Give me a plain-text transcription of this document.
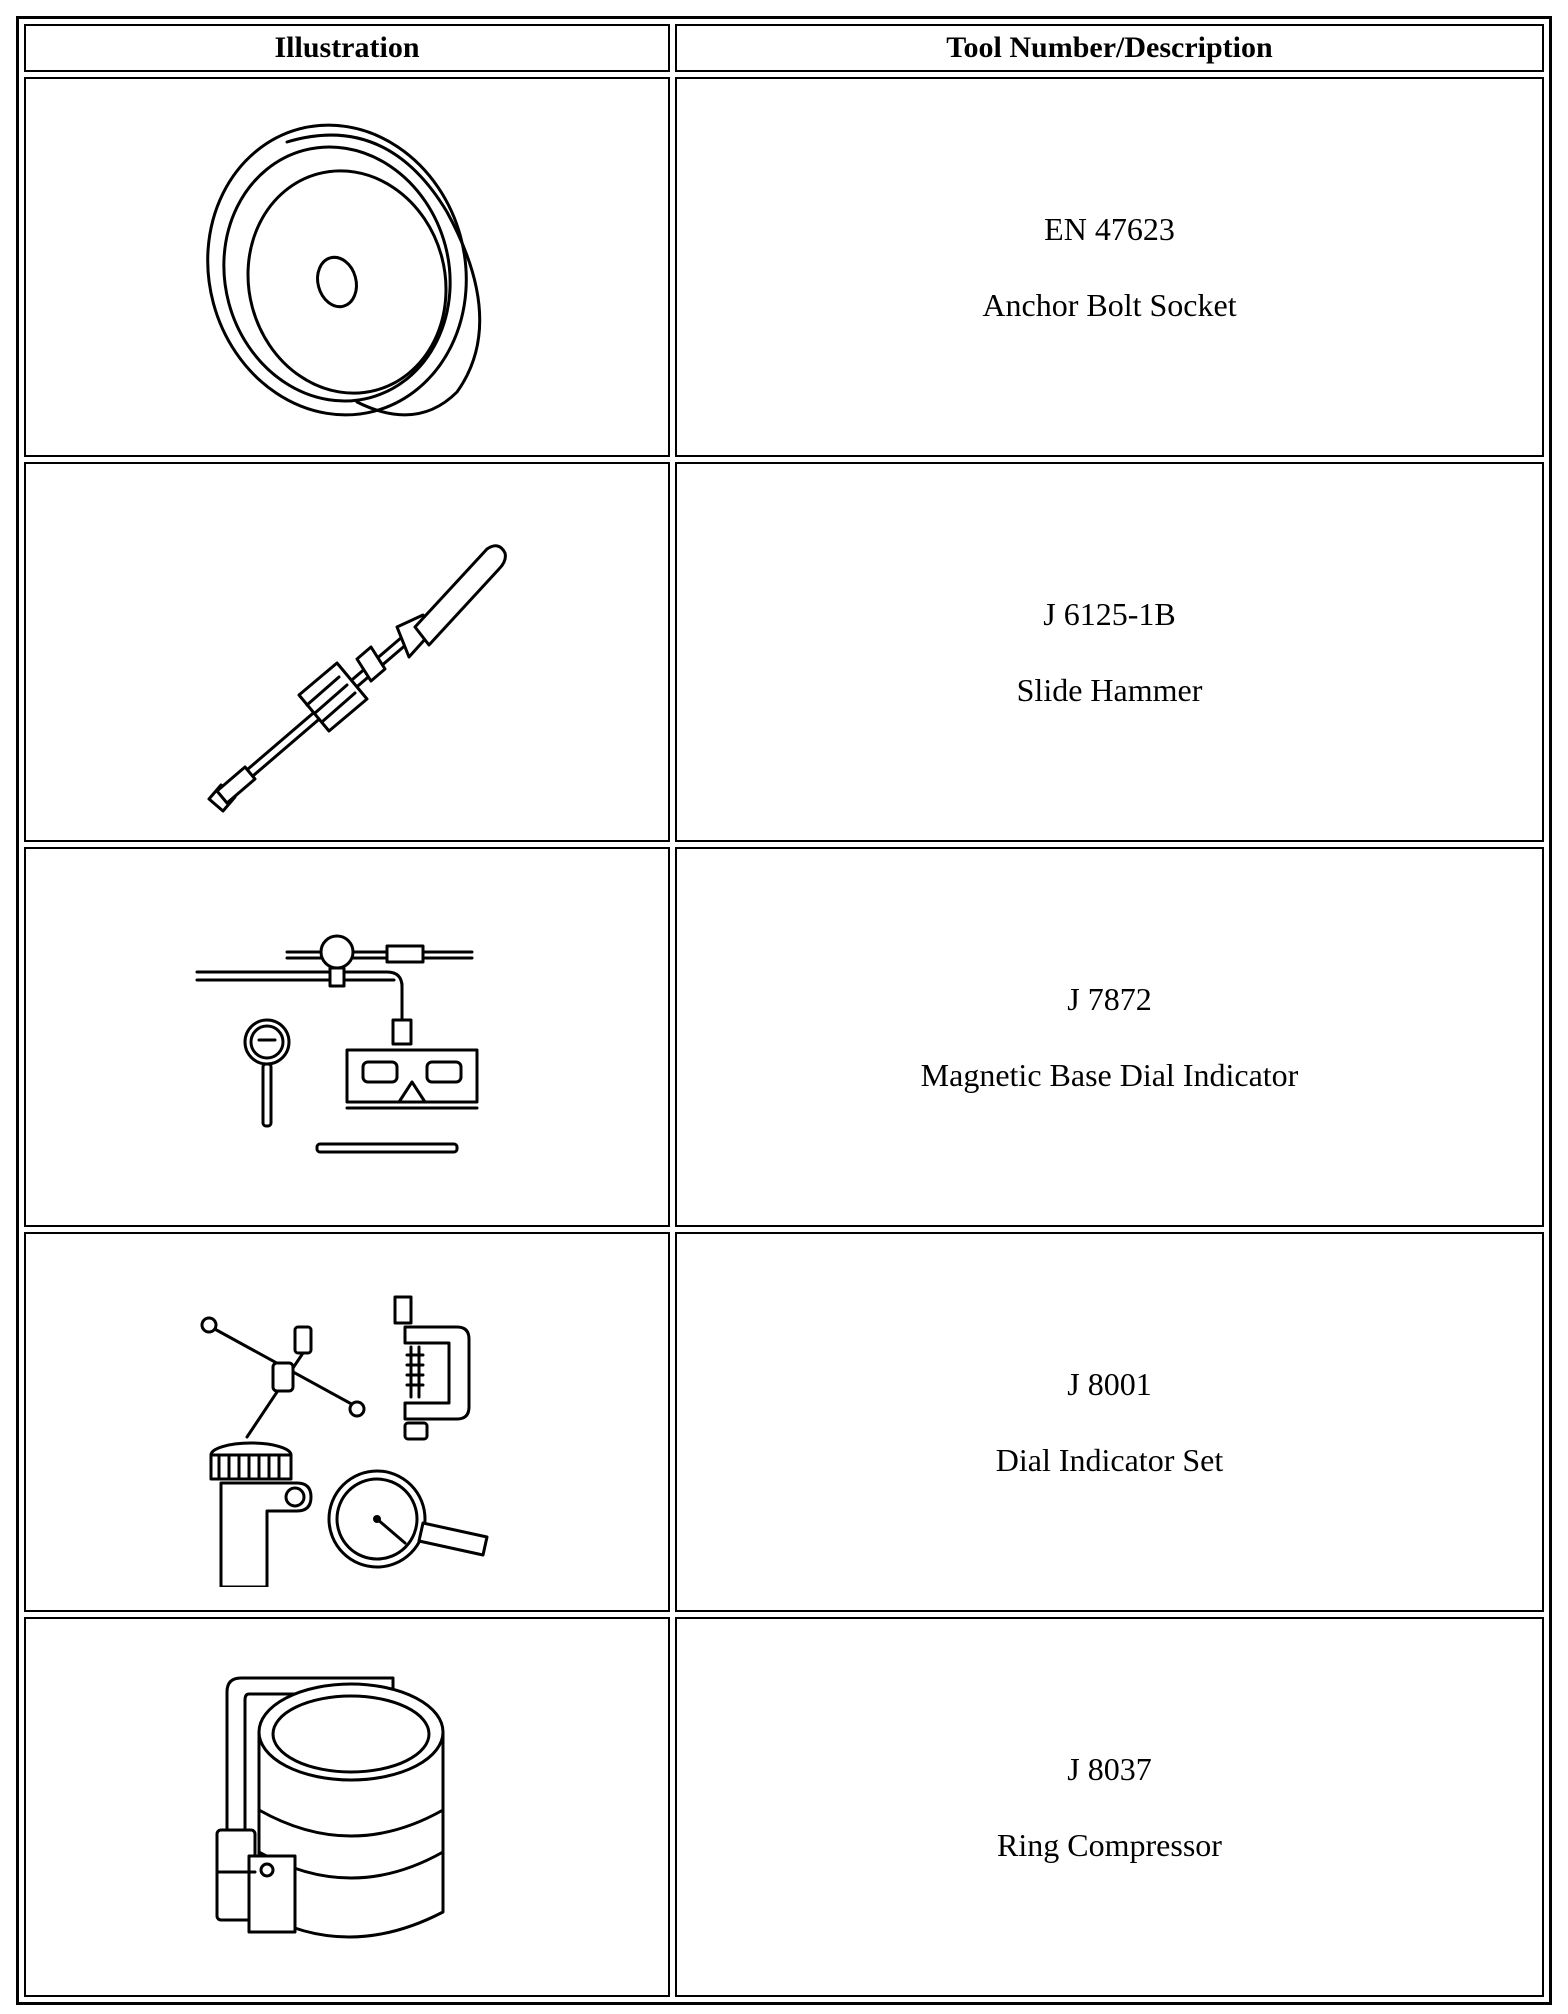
Illustration	Tool Number/Description

EN 47623
Anchor Bolt Socket

J 6125-1B
Slide Hammer

J 7872
Magnetic Base Dial Indicator

J 8001
Dial Indicator Set

J 8037
Ring Compressor
